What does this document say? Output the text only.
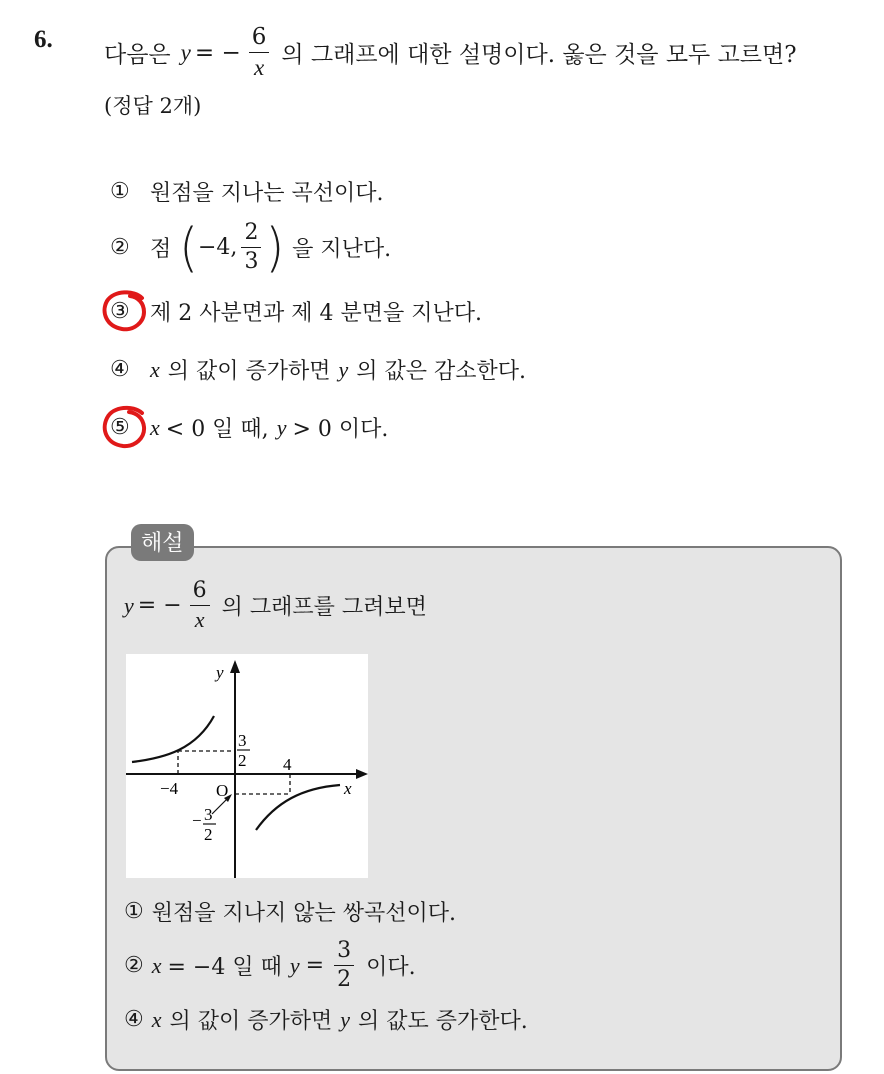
6.
다음은 y = − $\frac{6}{x}$ 의 그래프에 대한 설명이다. 옳은 것을 모두 고르면?
(정답 2개)
① 원점을 지나는 곡선이다.
② 점 ( −4, $\frac{2}{3}$ ) 을 지난다.
③ 제 2 사분면과 제 4 분면을 지난다.
④ x 의 값이 증가하면 y 의 값은 감소한다.
⑤ x < 0 일 때, y > 0 이다.
해설
y = − $\frac{6}{x}$ 의 그래프를 그려보면
y
x
O
−4
4
3
2
− 3
2
① 원점을 지나지 않는 쌍곡선이다.
② x = −4 일 때 $y = \frac{3}{2}$ 이다.
④ x 의 값이 증가하면 y 의 값도 증가한다.
